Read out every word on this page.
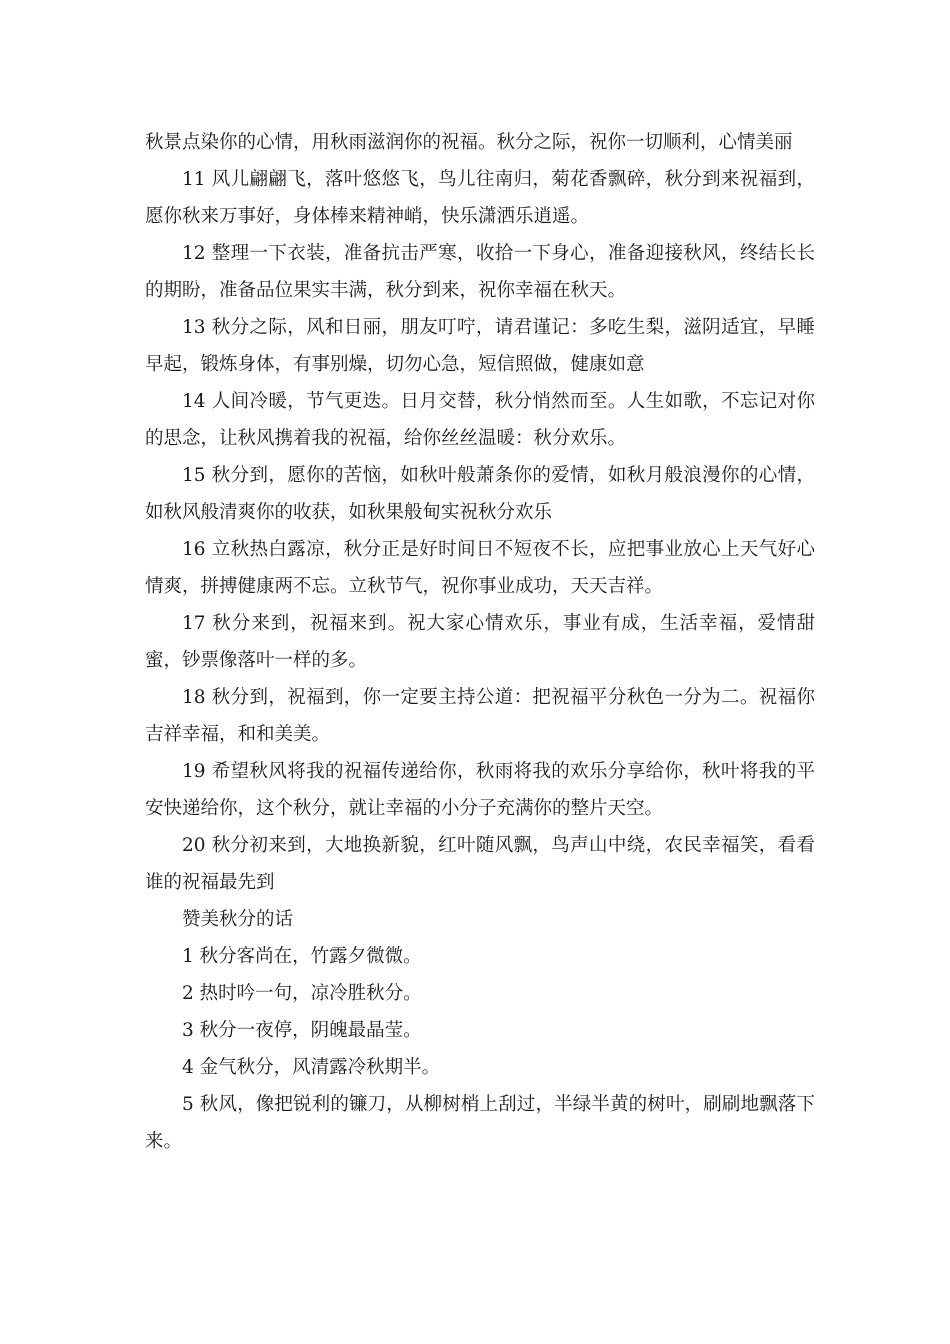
秋景点染你的心情，用秋雨滋润你的祝福。秋分之际，祝你一切顺利，心情美丽

11 风儿翩翩飞，落叶悠悠飞，鸟儿往南归，菊花香飘碎，秋分到来祝福到，愿你秋来万事好，身体棒来精神峭，快乐潇洒乐逍遥。

12 整理一下衣装，准备抗击严寒，收拾一下身心，准备迎接秋风，终结长长的期盼，准备品位果实丰满，秋分到来，祝你幸福在秋天。

13 秋分之际，风和日丽，朋友叮咛，请君谨记：多吃生梨，滋阴适宜，早睡早起，锻炼身体，有事别燥，切勿心急，短信照做，健康如意

14 人间冷暖，节气更迭。日月交替，秋分悄然而至。人生如歌，不忘记对你的思念，让秋风携着我的祝福，给你丝丝温暖：秋分欢乐。

15 秋分到，愿你的苦恼，如秋叶般萧条你的爱情，如秋月般浪漫你的心情，如秋风般清爽你的收获，如秋果般甸实祝秋分欢乐

16 立秋热白露凉，秋分正是好时间日不短夜不长，应把事业放心上天气好心情爽，拼搏健康两不忘。立秋节气，祝你事业成功，天天吉祥。

17 秋分来到，祝福来到。祝大家心情欢乐，事业有成，生活幸福，爱情甜蜜，钞票像落叶一样的多。

18 秋分到，祝福到，你一定要主持公道：把祝福平分秋色一分为二。祝福你吉祥幸福，和和美美。

19 希望秋风将我的祝福传递给你，秋雨将我的欢乐分享给你，秋叶将我的平安快递给你，这个秋分，就让幸福的小分子充满你的整片天空。

20 秋分初来到，大地换新貌，红叶随风飘，鸟声山中绕，农民幸福笑，看看谁的祝福最先到

赞美秋分的话

1 秋分客尚在，竹露夕微微。

2 热时吟一句，凉冷胜秋分。

3 秋分一夜停，阴魄最晶莹。

4 金气秋分，风清露冷秋期半。

5 秋风，像把锐利的镰刀，从柳树梢上刮过，半绿半黄的树叶，刷刷地飘落下来。
